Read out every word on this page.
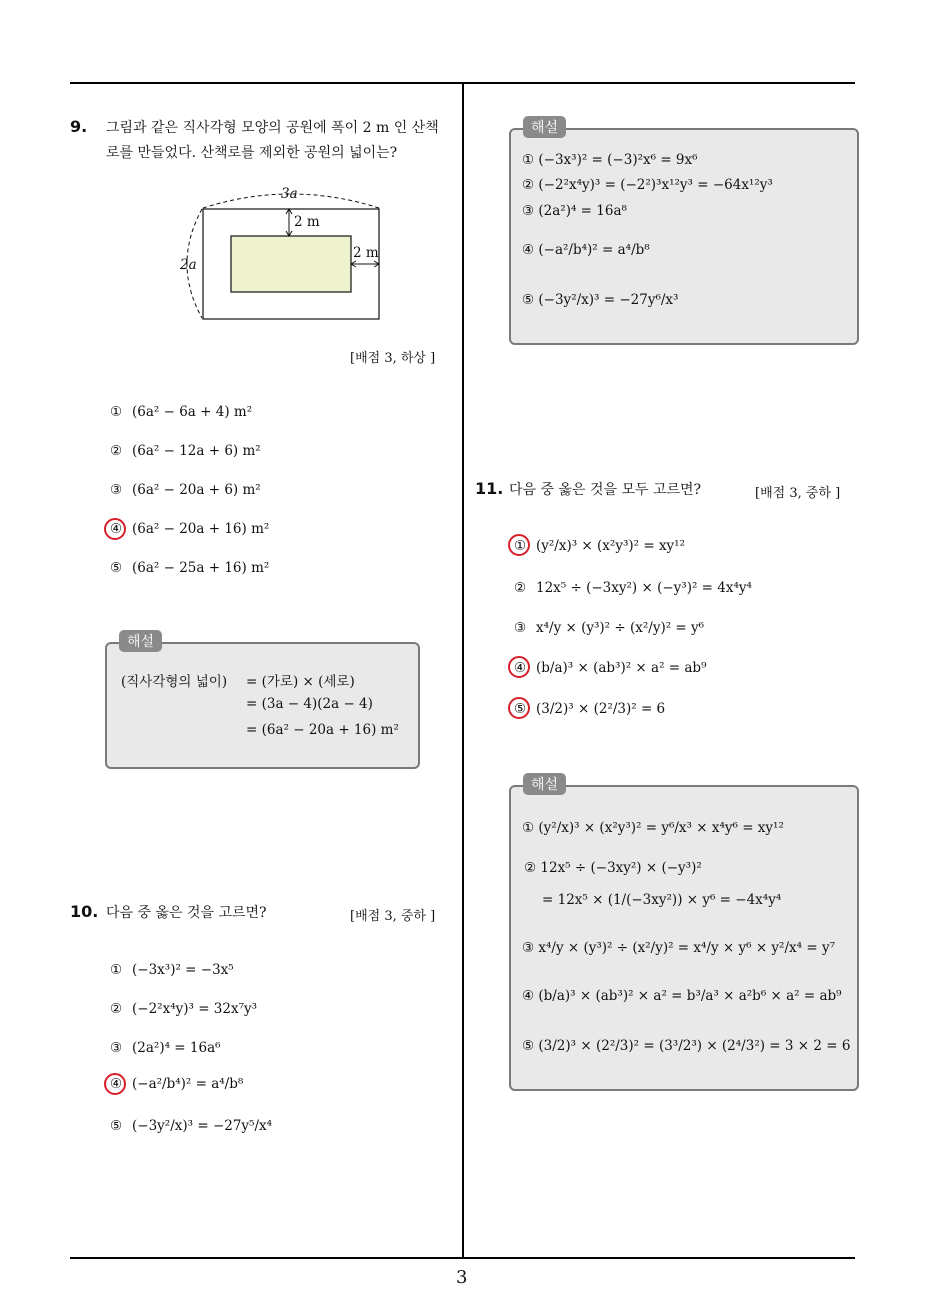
3
9. 그림과 같은 직사각형 모양의 공원에 폭이 2 m 인 산책
로를 만들었다. 산책로를 제외한 공원의 넓이는?
3a
2a
2 m
2 m
[배점 3, 하상 ]
① (6a² − 6a + 4) m²
② (6a² − 12a + 6) m²
③ (6a² − 20a + 6) m²
④ (6a² − 20a + 16) m²
⑤ (6a² − 25a + 16) m²
해설
(직사각형의 넓이) = (가로) × (세로)
= (3a − 4)(2a − 4)
= (6a² − 20a + 16) m²
10. 다음 중 옳은 것을 고르면?	[배점 3, 중하 ]
① (−3x³)² = −3x⁵
② (−2²x⁴y)³ = 32x⁷y³
③ (2a²)⁴ = 16a⁶
④ (−a²/b⁴)² = a⁴/b⁸
⑤ (−3y²/x)³ = −27y⁵/x⁴
해설
① (−3x³)² = (−3)²x⁶ = 9x⁶
② (−2²x⁴y)³ = (−2²)³x¹²y³ = −64x¹²y³
③ (2a²)⁴ = 16a⁸
④ (−a²/b⁴)² = a⁴/b⁸
⑤ (−3y²/x)³ = −27y⁶/x³
11. 다음 중 옳은 것을 모두 고르면?	[배점 3, 중하 ]
① (y²/x)³ × (x²y³)² = xy¹²
② 12x⁵ ÷ (−3xy²) × (−y³)² = 4x⁴y⁴
③ x⁴/y × (y³)² ÷ (x²/y)² = y⁶
④ (b/a)³ × (ab³)² × a² = ab⁹
⑤ (3/2)³ × (2²/3)² = 6
해설
① (y²/x)³ × (x²y³)² = y⁶/x³ × x⁴y⁶ = xy¹²
② 12x⁵ ÷ (−3xy²) × (−y³)²
= 12x⁵ × (1/(−3xy²)) × y⁶ = −4x⁴y⁴
③ x⁴/y × (y³)² ÷ (x²/y)² = x⁴/y × y⁶ × y²/x⁴ = y⁷
④ (b/a)³ × (ab³)² × a² = b³/a³ × a²b⁶ × a² = ab⁹
⑤ (3/2)³ × (2²/3)² = (3³/2³) × (2⁴/3²) = 3 × 2 = 6
